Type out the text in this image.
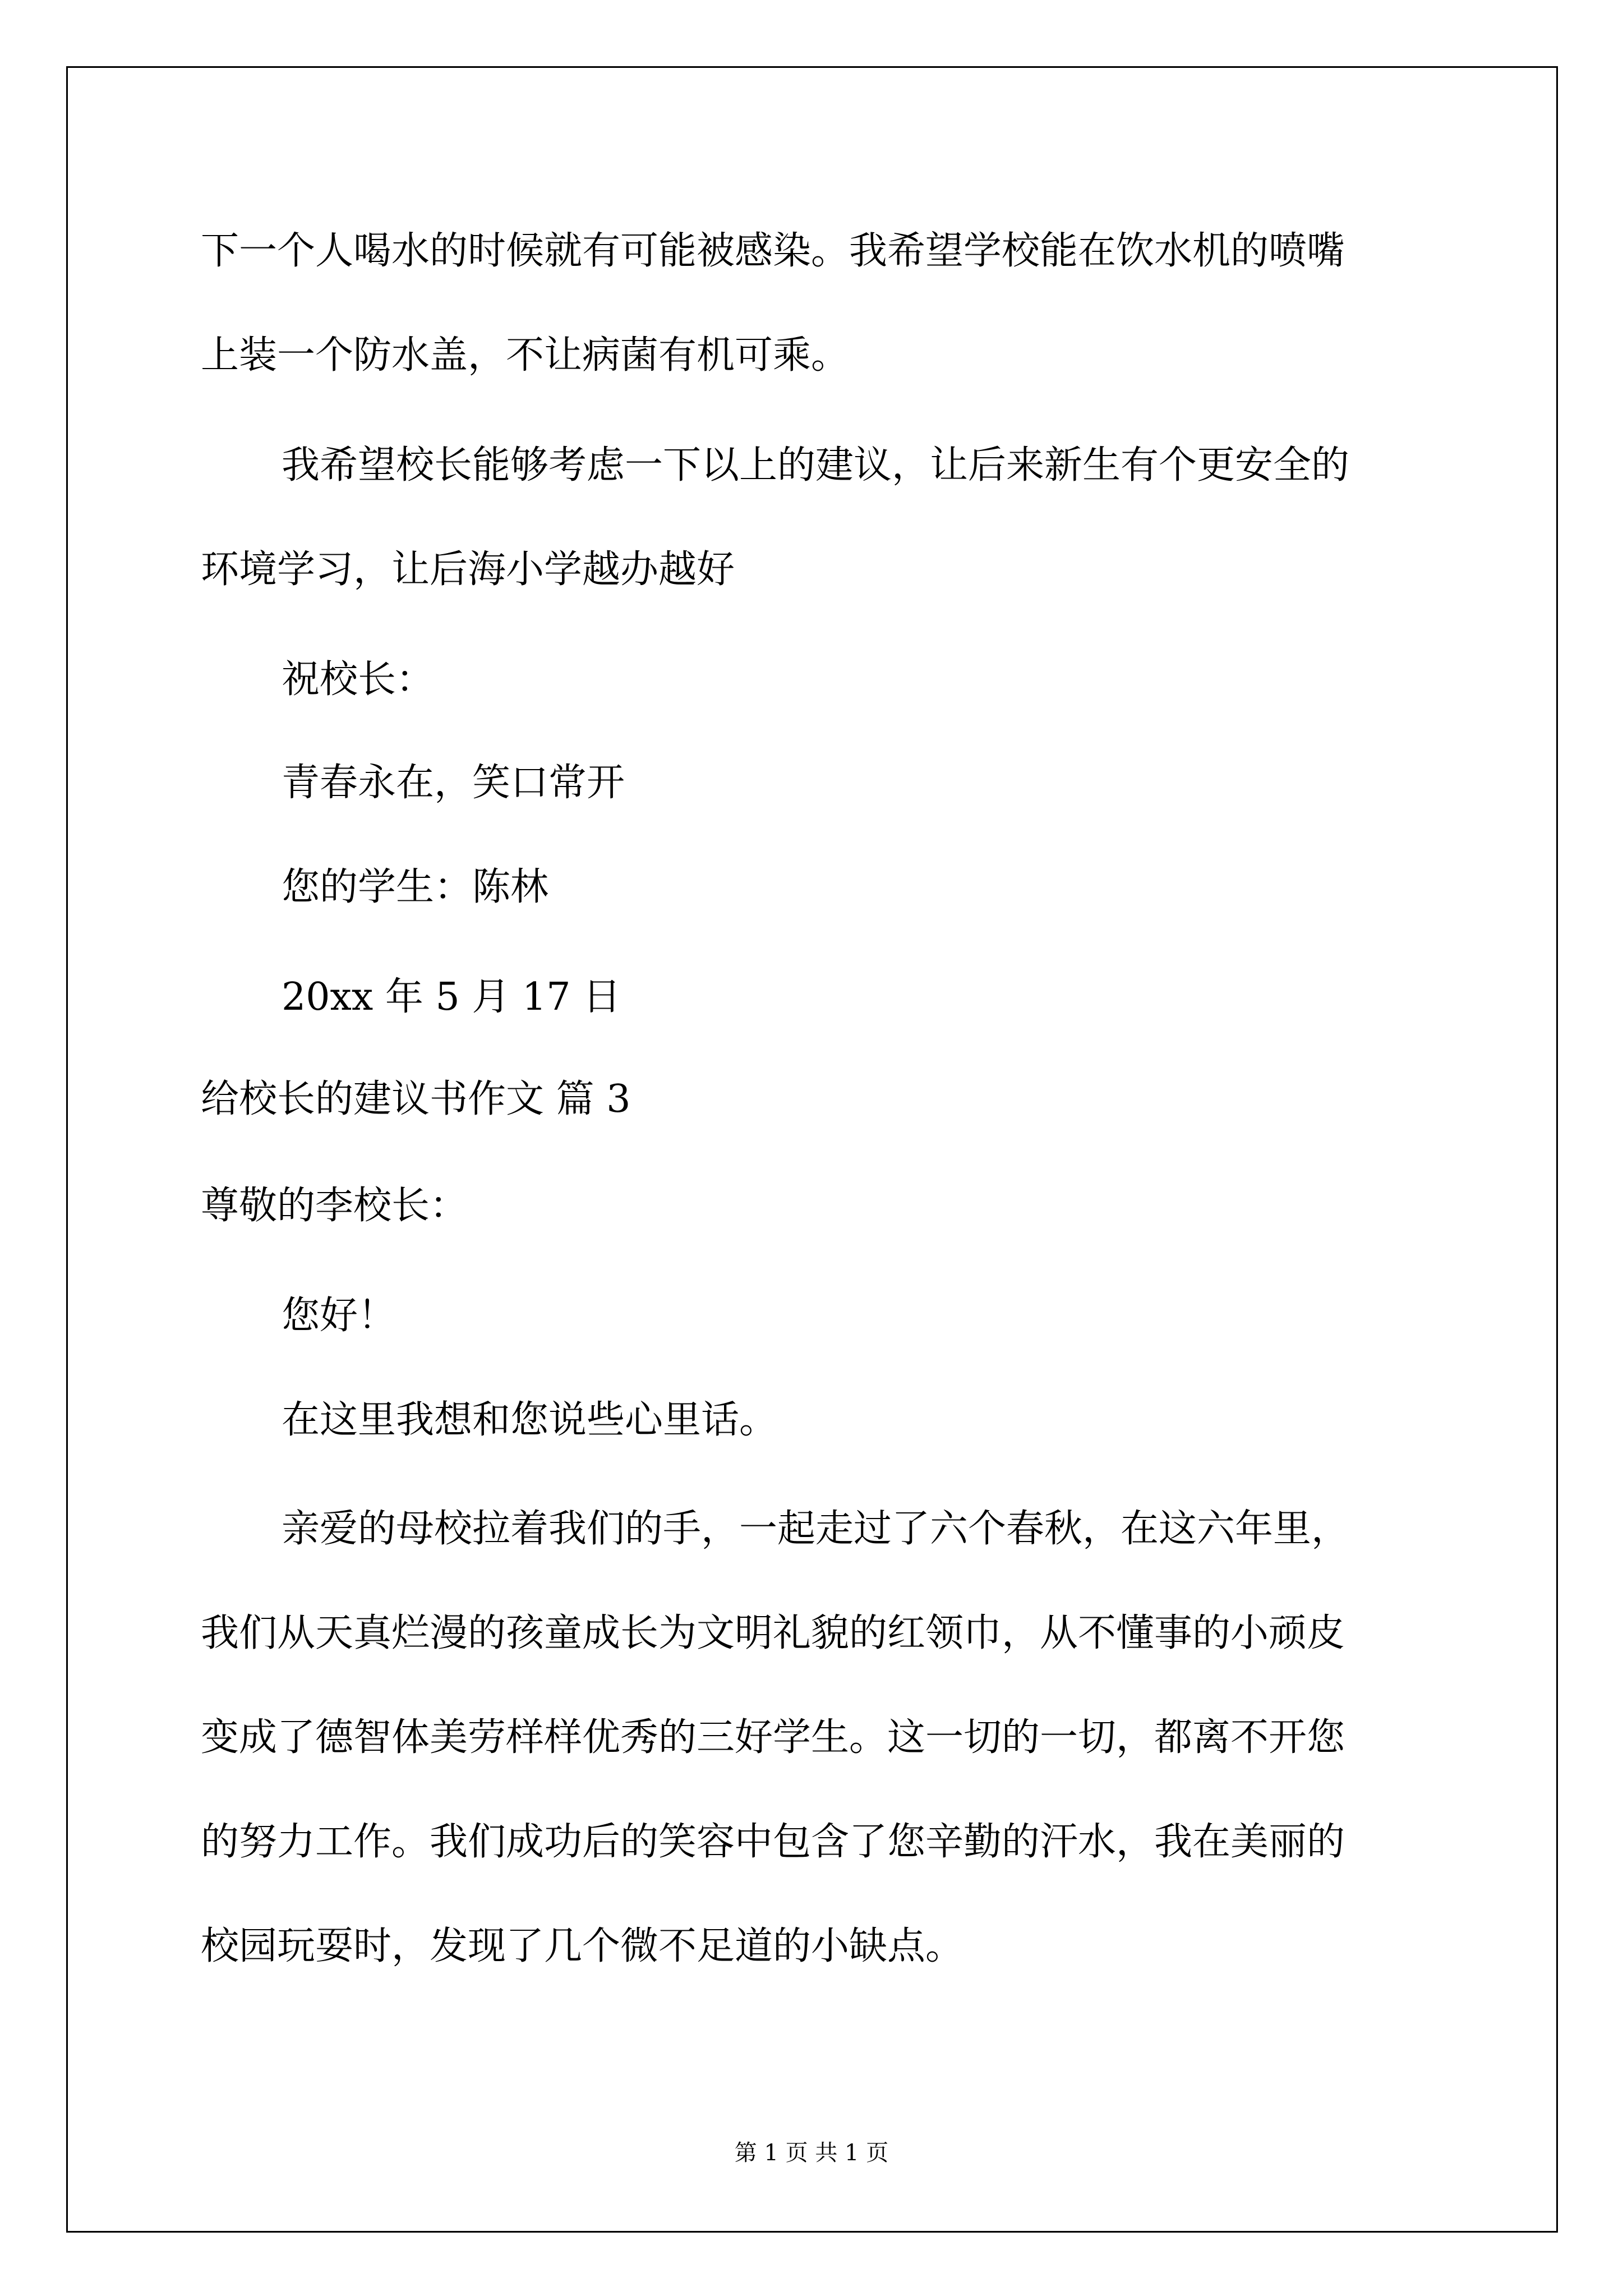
下一个人喝水的时候就有可能被感染。我希望学校能在饮水机的喷嘴
上装一个防水盖，不让病菌有机可乘。
我希望校长能够考虑一下以上的建议，让后来新生有个更安全的
环境学习，让后海小学越办越好
祝校长：
青春永在，笑口常开
您的学生：陈林
20xx 年 5 月 17 日
给校长的建议书作文 篇 3
尊敬的李校长：
您好！
在这里我想和您说些心里话。
亲爱的母校拉着我们的手，一起走过了六个春秋，在这六年里，
我们从天真烂漫的孩童成长为文明礼貌的红领巾，从不懂事的小顽皮
变成了德智体美劳样样优秀的三好学生。这一切的一切，都离不开您
的努力工作。我们成功后的笑容中包含了您辛勤的汗水，我在美丽的
校园玩耍时，发现了几个微不足道的小缺点。
第 1 页 共 1 页
